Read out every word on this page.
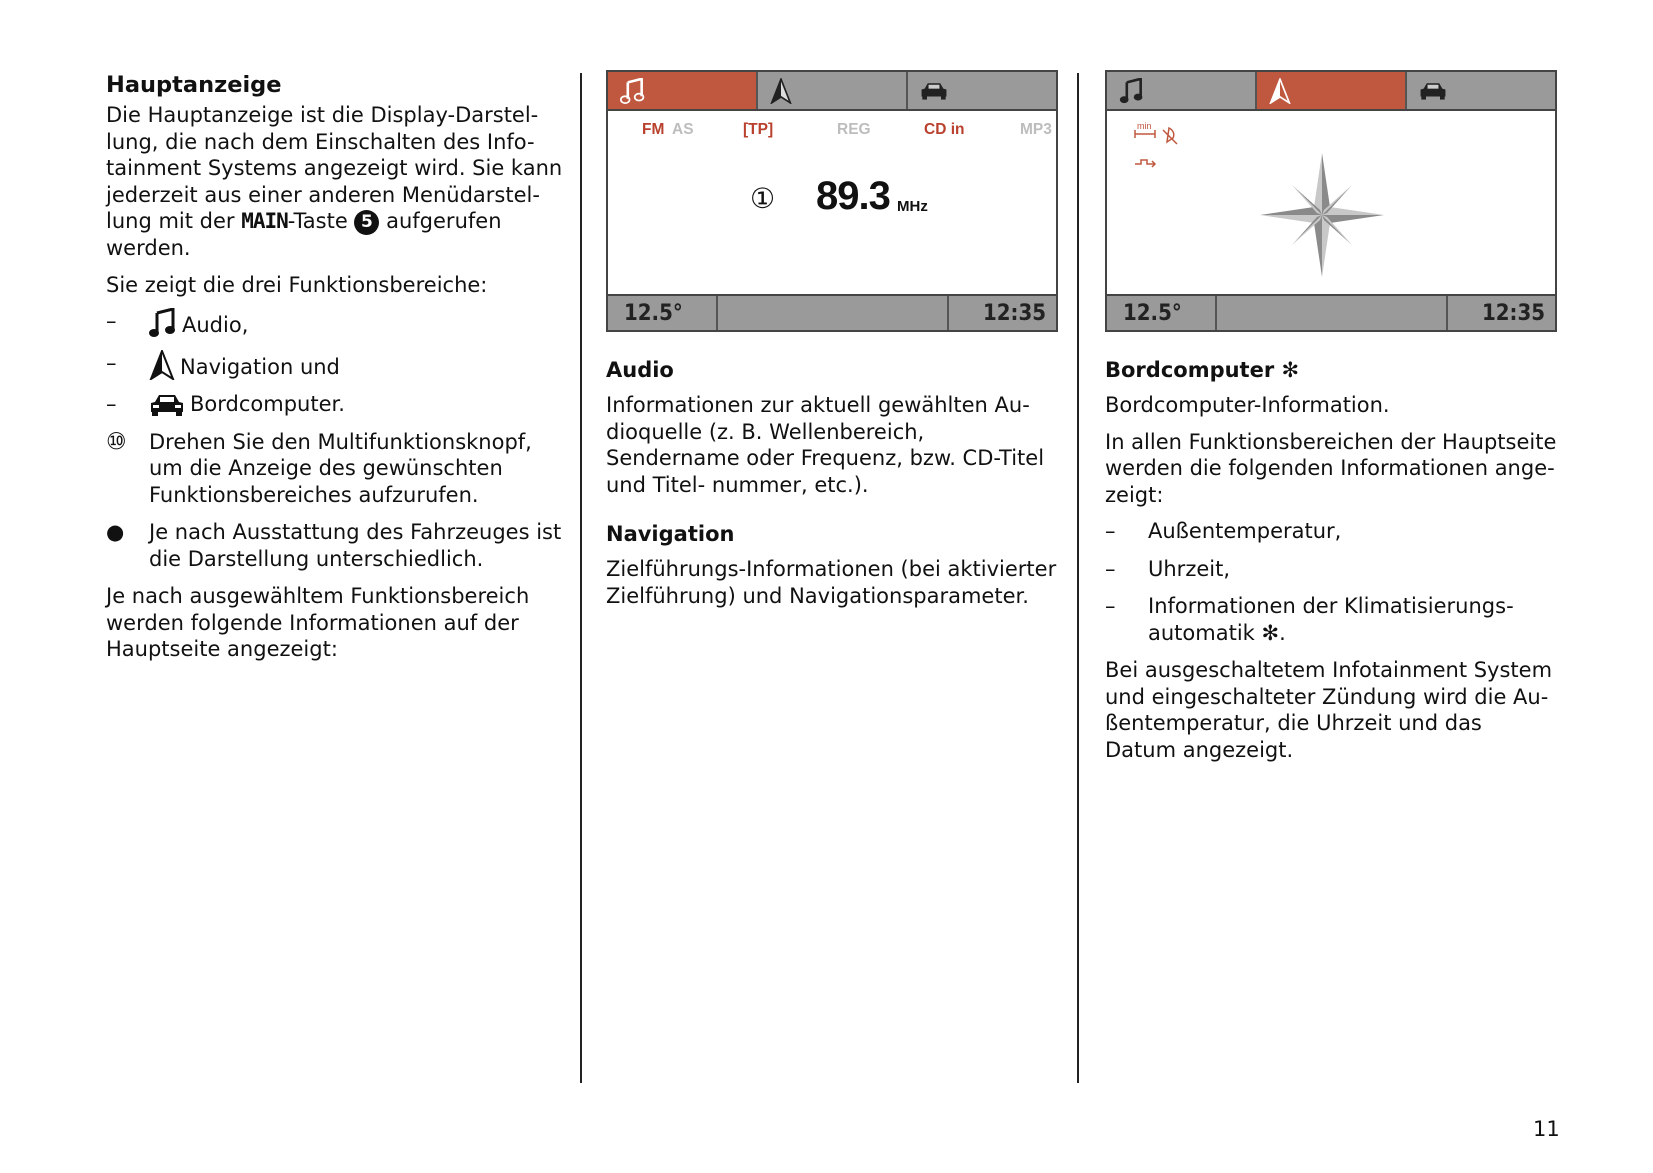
Hauptanzeige

Die Hauptanzeige ist die Display-Darstel- lung, die nach dem Einschalten des Info- tainment Systems angezeigt wird. Sie kann jederzeit aus einer anderen Menüdarstel- lung mit der MAIN-Taste 5 aufgerufen werden.

Sie zeigt die drei Funktionsbereiche:

–	Audio,
–	Navigation und
–	Bordcomputer.
⑩	Drehen Sie den Multifunktionsknopf, um die Anzeige des gewünschten Funktionsbereiches aufzurufen.
●	Je nach Ausstattung des Fahrzeuges ist die Darstellung unterschiedlich.

Je nach ausgewähltem Funktionsbereich werden folgende Informationen auf der Hauptseite angezeigt:

FM AS	[TP]	REG	CD in	MP3
① 89.3 MHz
12.5°	12:35
Audio

Informationen zur aktuell gewählten Au- dioquelle (z. B. Wellenbereich, Sendername oder Frequenz, bzw. CD-Titel und Titel- nummer, etc.).

Navigation

Zielführungs-Informationen (bei aktivierter Zielführung) und Navigationsparameter.

min
12.5°	12:35
Bordcomputer ✻

Bordcomputer-Information.

In allen Funktionsbereichen der Hauptseite werden die folgenden Informationen ange- zeigt:

–	Außentemperatur,
–	Uhrzeit,
–	Informationen der Klimatisierungs- automatik ✻.

Bei ausgeschaltetem Infotainment System und eingeschalteter Zündung wird die Au- ßentemperatur, die Uhrzeit und das Datum angezeigt.

11
